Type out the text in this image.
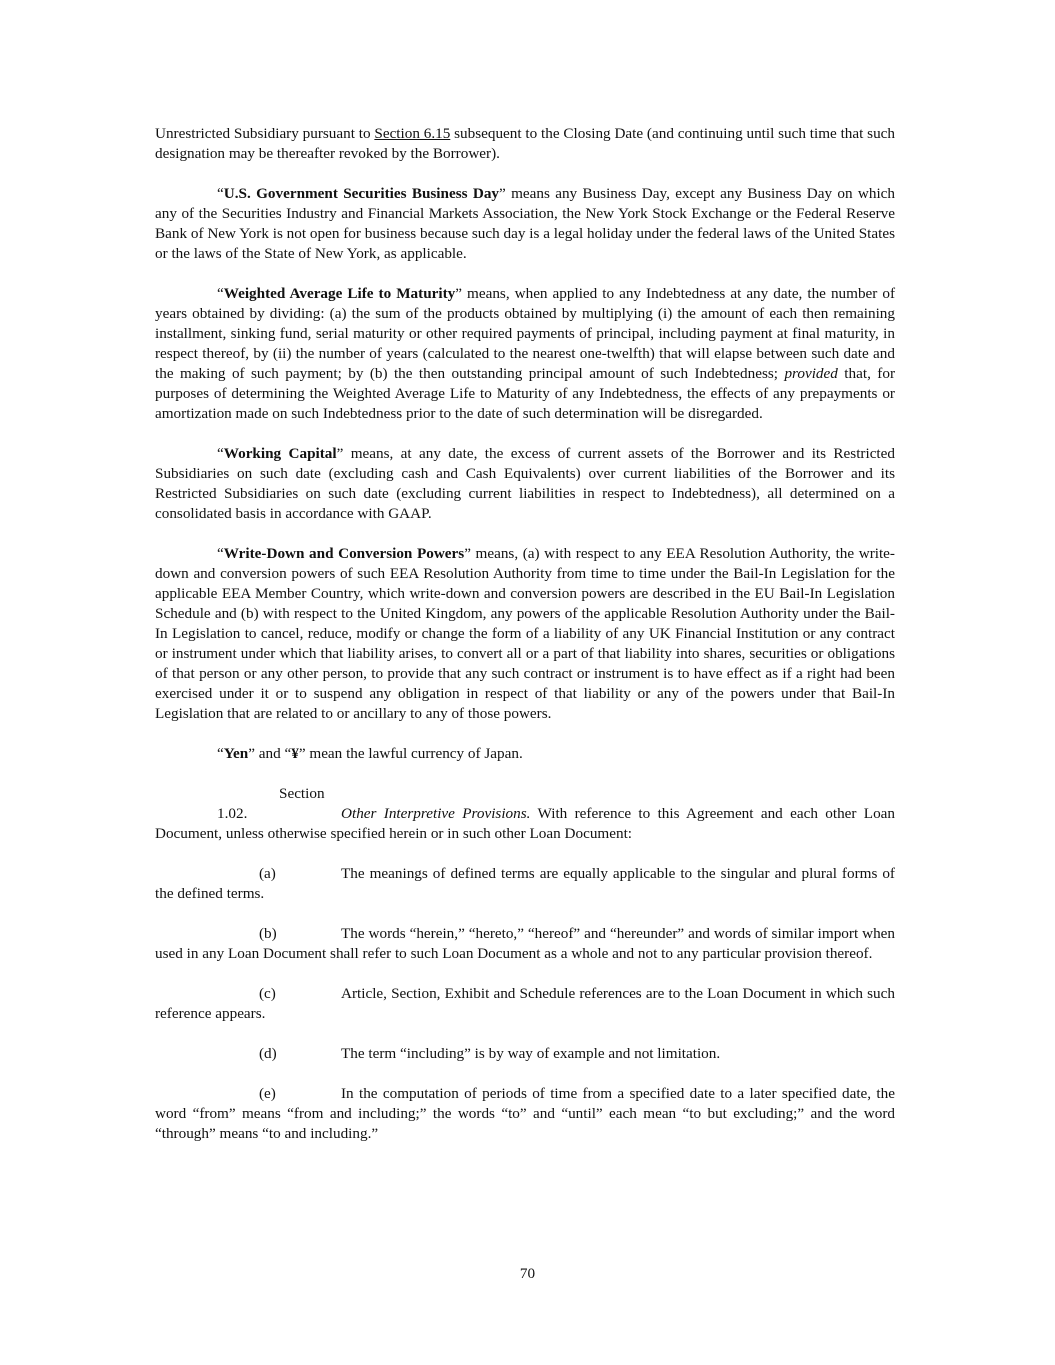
Unrestricted Subsidiary pursuant to Section 6.15 subsequent to the Closing Date (and continuing until such time that such designation may be thereafter revoked by the Borrower).

“U.S. Government Securities Business Day” means any Business Day, except any Business Day on which any of the Securities Industry and Financial Markets Association, the New York Stock Exchange or the Federal Reserve Bank of New York is not open for business because such day is a legal holiday under the federal laws of the United States or the laws of the State of New York, as applicable.

“Weighted Average Life to Maturity” means, when applied to any Indebtedness at any date, the number of years obtained by dividing: (a) the sum of the products obtained by multiplying (i) the amount of each then remaining installment, sinking fund, serial maturity or other required payments of principal, including payment at final maturity, in respect thereof, by (ii) the number of years (calculated to the nearest one-twelfth) that will elapse between such date and the making of such payment; by (b) the then outstanding principal amount of such Indebtedness; provided that, for purposes of determining the Weighted Average Life to Maturity of any Indebtedness, the effects of any prepayments or amortization made on such Indebtedness prior to the date of such determination will be disregarded.

“Working Capital” means, at any date, the excess of current assets of the Borrower and its Restricted Subsidiaries on such date (excluding cash and Cash Equivalents) over current liabilities of the Borrower and its Restricted Subsidiaries on such date (excluding current liabilities in respect to Indebtedness), all determined on a consolidated basis in accordance with GAAP.

“Write-Down and Conversion Powers” means, (a) with respect to any EEA Resolution Authority, the write-down and conversion powers of such EEA Resolution Authority from time to time under the Bail-In Legislation for the applicable EEA Member Country, which write-down and conversion powers are described in the EU Bail-In Legislation Schedule and (b) with respect to the United Kingdom, any powers of the applicable Resolution Authority under the Bail-In Legislation to cancel, reduce, modify or change the form of a liability of any UK Financial Institution or any contract or instrument under which that liability arises, to convert all or a part of that liability into shares, securities or obligations of that person or any other person, to provide that any such contract or instrument is to have effect as if a right had been exercised under it or to suspend any obligation in respect of that liability or any of the powers under that Bail-In Legislation that are related to or ancillary to any of those powers.

“Yen” and “¥” mean the lawful currency of Japan.

Section 1.02.	Other Interpretive Provisions. With reference to this Agreement and each other Loan Document, unless otherwise specified herein or in such other Loan Document:

(a)	The meanings of defined terms are equally applicable to the singular and plural forms of the defined terms.

(b)	The words “herein,” “hereto,” “hereof” and “hereunder” and words of similar import when used in any Loan Document shall refer to such Loan Document as a whole and not to any particular provision thereof.

(c)	Article, Section, Exhibit and Schedule references are to the Loan Document in which such reference appears.

(d)	The term “including” is by way of example and not limitation.

(e)	In the computation of periods of time from a specified date to a later specified date, the word “from” means “from and including;” the words “to” and “until” each mean “to but excluding;” and the word “through” means “to and including.”

70
